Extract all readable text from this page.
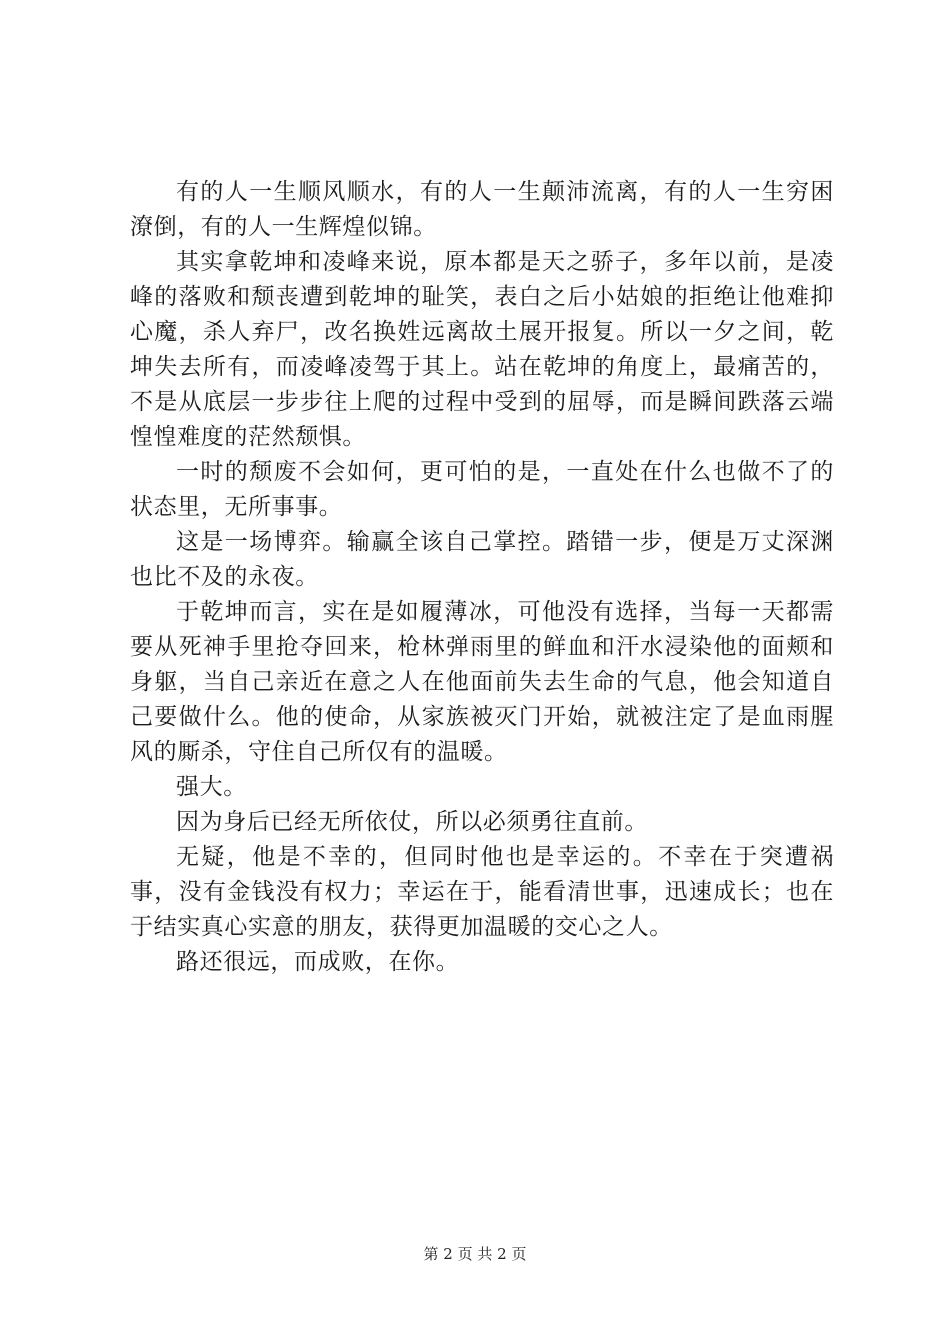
有的人一生顺风顺水，有的人一生颠沛流离，有的人一生穷困潦倒，有的人一生辉煌似锦。

其实拿乾坤和凌峰来说，原本都是天之骄子，多年以前，是凌峰的落败和颓丧遭到乾坤的耻笑，表白之后小姑娘的拒绝让他难抑心魔，杀人弃尸，改名换姓远离故土展开报复。所以一夕之间，乾坤失去所有，而凌峰凌驾于其上。站在乾坤的角度上，最痛苦的，不是从底层一步步往上爬的过程中受到的屈辱，而是瞬间跌落云端惶惶难度的茫然颓惧。

一时的颓废不会如何，更可怕的是，一直处在什么也做不了的状态里，无所事事。

这是一场博弈。输赢全该自己掌控。踏错一步，便是万丈深渊也比不及的永夜。

于乾坤而言，实在是如履薄冰，可他没有选择，当每一天都需要从死神手里抢夺回来，枪林弹雨里的鲜血和汗水浸染他的面颊和身躯，当自己亲近在意之人在他面前失去生命的气息，他会知道自己要做什么。他的使命，从家族被灭门开始，就被注定了是血雨腥风的厮杀，守住自己所仅有的温暖。

强大。

因为身后已经无所依仗，所以必须勇往直前。

无疑，他是不幸的，但同时他也是幸运的。不幸在于突遭祸事，没有金钱没有权力；幸运在于，能看清世事，迅速成长；也在于结实真心实意的朋友，获得更加温暖的交心之人。

路还很远，而成败，在你。

第 2 页 共 2 页
